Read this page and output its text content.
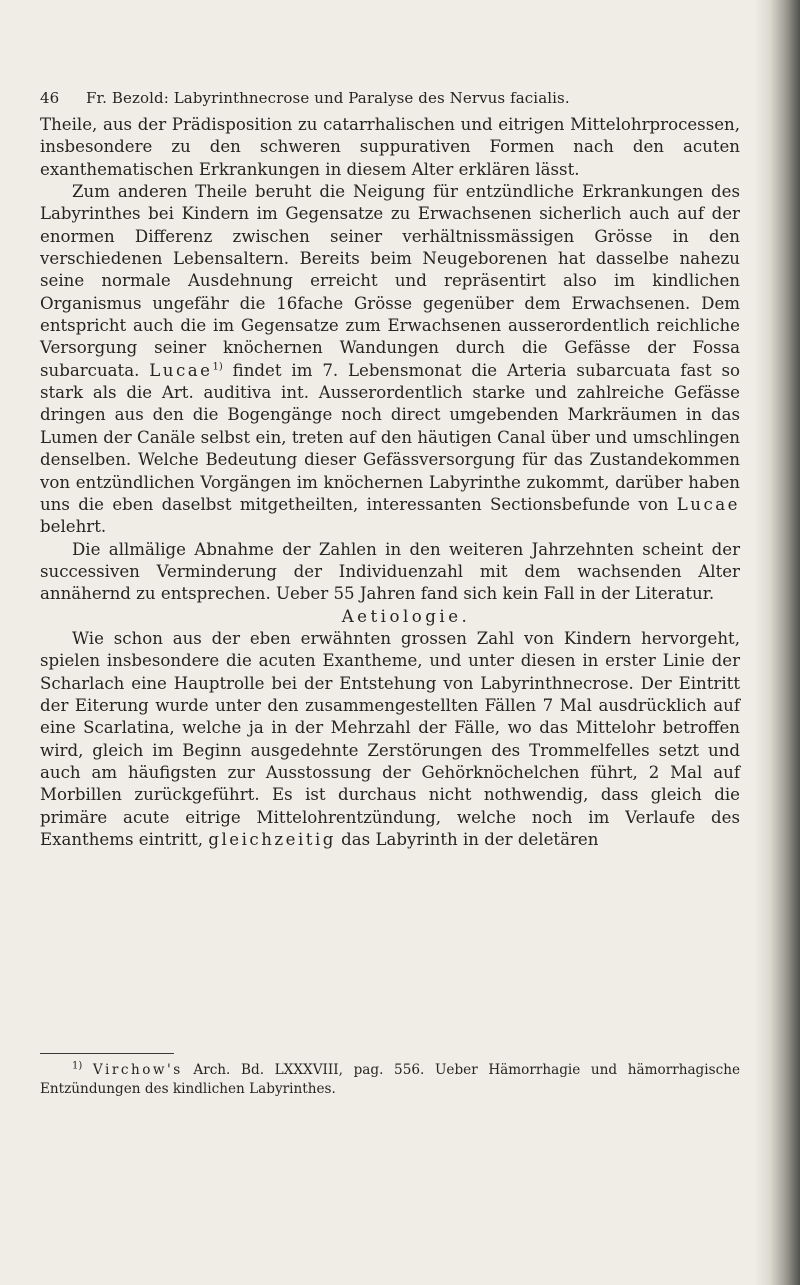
46 Fr. Bezold: Labyrinthnecrose und Paralyse des Nervus facialis.

Theile, aus der Prädisposition zu catarrhalischen und eitrigen Mittelohrprocessen, insbesondere zu den schweren suppurativen Formen nach den acuten exanthematischen Erkrankungen in diesem Alter erklären lässt.

Zum anderen Theile beruht die Neigung für entzündliche Erkrankungen des Labyrinthes bei Kindern im Gegensatze zu Erwachsenen sicherlich auch auf der enormen Differenz zwischen seiner verhältnissmässigen Grösse in den verschiedenen Lebensaltern. Bereits beim Neugeborenen hat dasselbe nahezu seine normale Ausdehnung erreicht und repräsentirt also im kindlichen Organismus ungefähr die 16fache Grösse gegenüber dem Erwachsenen. Dem entspricht auch die im Gegensatze zum Erwachsenen ausserordentlich reichliche Versorgung seiner knöchernen Wandungen durch die Gefässe der Fossa subarcuata. Lucae$^{1)}$ findet im 7. Lebensmonat die Arteria subarcuata fast so stark als die Art. auditiva int. Ausserordentlich starke und zahlreiche Gefässe dringen aus den die Bogengänge noch direct umgebenden Markräumen in das Lumen der Canäle selbst ein, treten auf den häutigen Canal über und umschlingen denselben. Welche Bedeutung dieser Gefässversorgung für das Zustandekommen von entzündlichen Vorgängen im knöchernen Labyrinthe zukommt, darüber haben uns die eben daselbst mitgetheilten, interessanten Sectionsbefunde von Lucae belehrt.

Die allmälige Abnahme der Zahlen in den weiteren Jahrzehnten scheint der successiven Verminderung der Individuenzahl mit dem wachsenden Alter annähernd zu entsprechen. Ueber 55 Jahren fand sich kein Fall in der Literatur.

Aetiologie.

Wie schon aus der eben erwähnten grossen Zahl von Kindern hervorgeht, spielen insbesondere die acuten Exantheme, und unter diesen in erster Linie der Scharlach eine Hauptrolle bei der Entstehung von Labyrinthnecrose. Der Eintritt der Eiterung wurde unter den zusammengestellten Fällen 7 Mal ausdrücklich auf eine Scarlatina, welche ja in der Mehrzahl der Fälle, wo das Mittelohr betroffen wird, gleich im Beginn ausgedehnte Zerstörungen des Trommelfelles setzt und auch am häufigsten zur Ausstossung der Gehörknöchelchen führt, 2 Mal auf Morbillen zurückgeführt. Es ist durchaus nicht nothwendig, dass gleich die primäre acute eitrige Mittelohrentzündung, welche noch im Verlaufe des Exanthems eintritt, gleichzeitig das Labyrinth in der deletären

$^{1)}$ Virchow's Arch. Bd. LXXXVIII, pag. 556. Ueber Hämorrhagie und hämorrhagische Entzündungen des kindlichen Labyrinthes.
